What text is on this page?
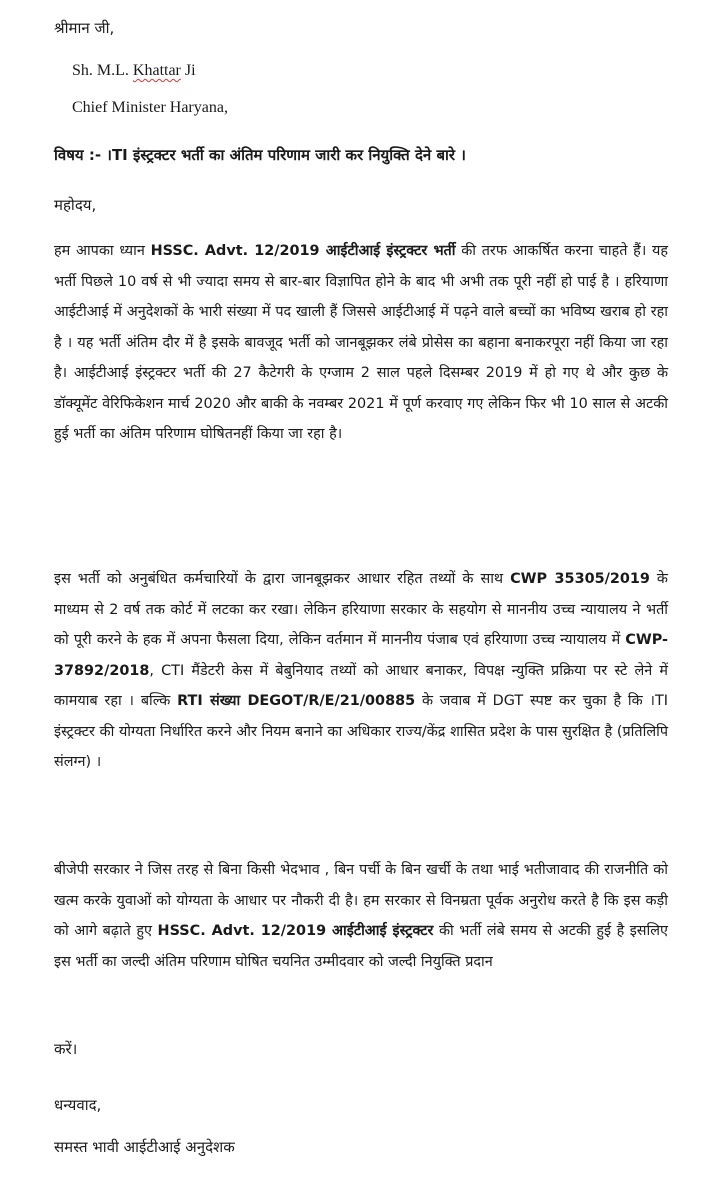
श्रीमान जी,
Sh. M.L. Khattar Ji
Chief Minister Haryana,
विषय :- ।TI इंस्ट्रक्टर भर्ती का अंतिम परिणाम जारी कर नियुक्ति देने बारे ।
महोदय,
हम आपका ध्यान HSSC. Advt. 12/2019 आईटीआई इंस्ट्रक्टर भर्ती की तरफ आकर्षित करना चाहते हैं। यह भर्ती पिछले 10 वर्ष से भी ज्यादा समय से बार-बार विज्ञापित होने के बाद भी अभी तक पूरी नहीं हो पाई है । हरियाणा आईटीआई में अनुदेशकों के भारी संख्या में पद खाली हैं जिससे आईटीआई में पढ़ने वाले बच्चों का भविष्य खराब हो रहा है । यह भर्ती अंतिम दौर में है इसके बावजूद भर्ती को जानबूझकर लंबे प्रोसेस का बहाना बनाकरपूरा नहीं किया जा रहा है। आईटीआई इंस्ट्रक्टर भर्ती की 27 कैटेगरी के एग्जाम 2 साल पहले दिसम्बर 2019 में हो गए थे और कुछ के डॉक्यूमेंट वेरिफिकेशन मार्च 2020 और बाकी के नवम्बर 2021 में पूर्ण करवाए गए लेकिन फिर भी 10 साल से अटकी हुई भर्ती का अंतिम परिणाम घोषितनहीं किया जा रहा है।
इस भर्ती को अनुबंधित कर्मचारियों के द्वारा जानबूझकर आधार रहित तथ्यों के साथ CWP 35305/2019 के माध्यम से 2 वर्ष तक कोर्ट में लटका कर रखा। लेकिन हरियाणा सरकार के सहयोग से माननीय उच्च न्यायालय ने भर्ती को पूरी करने के हक में अपना फैसला दिया, लेकिन वर्तमान में माननीय पंजाब एवं हरियाणा उच्च न्यायालय में CWP-37892/2018, CTI मैंडेटरी केस में बेबुनियाद तथ्यों को आधार बनाकर, विपक्ष न्युक्ति प्रक्रिया पर स्टे लेने में कामयाब रहा । बल्कि RTI संख्या DEGOT/R/E/21/00885 के जवाब में DGT स्पष्ट कर चुका है कि ।TI इंस्ट्रक्टर की योग्यता निर्धारित करने और नियम बनाने का अधिकार राज्य/केंद्र शासित प्रदेश के पास सुरक्षित है (प्रतिलिपि संलग्न) ।
बीजेपी सरकार ने जिस तरह से बिना किसी भेदभाव , बिन पर्ची के बिन खर्ची के तथा भाई भतीजावाद की राजनीति को खत्म करके युवाओं को योग्यता के आधार पर नौकरी दी है। हम सरकार से विनम्रता पूर्वक अनुरोध करते है कि इस कड़ी को आगे बढ़ाते हुए HSSC. Advt. 12/2019 आईटीआई इंस्ट्रक्टर की भर्ती लंबे समय से अटकी हुई है इसलिए इस भर्ती का जल्दी अंतिम परिणाम घोषित चयनित उम्मीदवार को जल्दी नियुक्ति प्रदान
करें।
धन्यवाद,
समस्त भावी आईटीआई अनुदेशक
